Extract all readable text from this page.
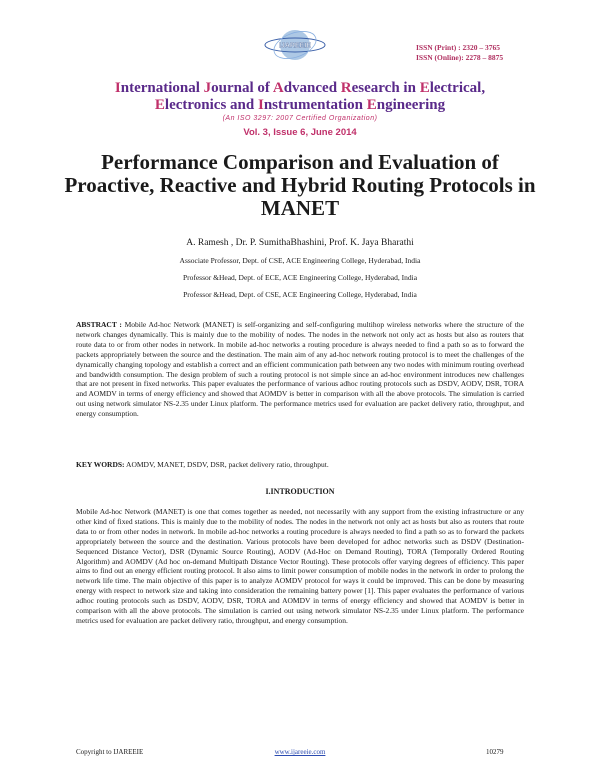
IJAREEIE	ISSN (Print) : 2320 – 3765
ISSN (Online): 2278 – 8875
International Journal of Advanced Research in Electrical,
Electronics and Instrumentation Engineering
(An ISO 3297: 2007 Certified Organization)
Vol. 3, Issue 6, June 2014
Performance Comparison and Evaluation of Proactive, Reactive and Hybrid Routing Protocols in MANET
A. Ramesh , Dr. P. SumithaBhashini, Prof. K. Jaya Bharathi
Associate Professor, Dept. of CSE, ACE Engineering College, Hyderabad, India
Professor &Head, Dept. of ECE, ACE Engineering College, Hyderabad, India
Professor &Head, Dept. of CSE, ACE Engineering College, Hyderabad, India
ABSTRACT : Mobile Ad-hoc Network (MANET) is self-organizing and self-configuring multihop wireless networks where the structure of the network changes dynamically. This is mainly due to the mobility of nodes. The nodes in the network not only act as hosts but also as routers that route data to or from other nodes in network. In mobile ad-hoc networks a routing procedure is always needed to find a path so as to forward the packets appropriately between the source and the destination. The main aim of any ad-hoc network routing protocol is to meet the challenges of the dynamically changing topology and establish a correct and an efficient communication path between any two nodes with minimum routing overhead and bandwidth consumption. The design problem of such a routing protocol is not simple since an ad-hoc environment introduces new challenges that are not present in fixed networks. This paper evaluates the performance of various adhoc routing protocols such as DSDV, AODV, DSR, TORA and AOMDV in terms of energy efficiency and showed that AOMDV is better in comparison with all the above protocols. The simulation is carried out using network simulator NS-2.35 under Linux platform. The performance metrics used for evaluation are packet delivery ratio, throughput, and energy consumption.
KEY WORDS: AOMDV, MANET, DSDV, DSR, packet delivery ratio, throughput.
I.INTRODUCTION
Mobile Ad-hoc Network (MANET) is one that comes together as needed, not necessarily with any support from the existing infrastructure or any other kind of fixed stations. This is mainly due to the mobility of nodes. The nodes in the network not only act as hosts but also as routers that route data to or from other nodes in network. In mobile ad-hoc networks a routing procedure is always needed to find a path so as to forward the packets appropriately between the source and the destination. Various protocols have been developed for adhoc networks such as DSDV (Destination-Sequenced Distance Vector), DSR (Dynamic Source Routing), AODV (Ad-Hoc on Demand Routing), TORA (Temporally Ordered Routing Algorithm) and AOMDV (Ad hoc on-demand Multipath Distance Vector Routing). These protocols offer varying degrees of efficiency. This paper aims to find out an energy efficient routing protocol. It also aims to limit power consumption of mobile nodes in the network in order to prolong the network life time. The main objective of this paper is to analyze AOMDV protocol for ways it could be improved. This can be done by measuring energy with respect to network size and taking into consideration the remaining battery power [1]. This paper evaluates the performance of various adhoc routing protocols such as DSDV, AODV, DSR, TORA and AOMDV in terms of energy efficiency and showed that AOMDV is better in comparison with all the above protocols. The simulation is carried out using network simulator NS-2.35 under Linux platform. The performance metrics used for evaluation are packet delivery ratio, throughput, and energy consumption.
Copyright to IJAREEIE	www.ijareeie.com	10279
